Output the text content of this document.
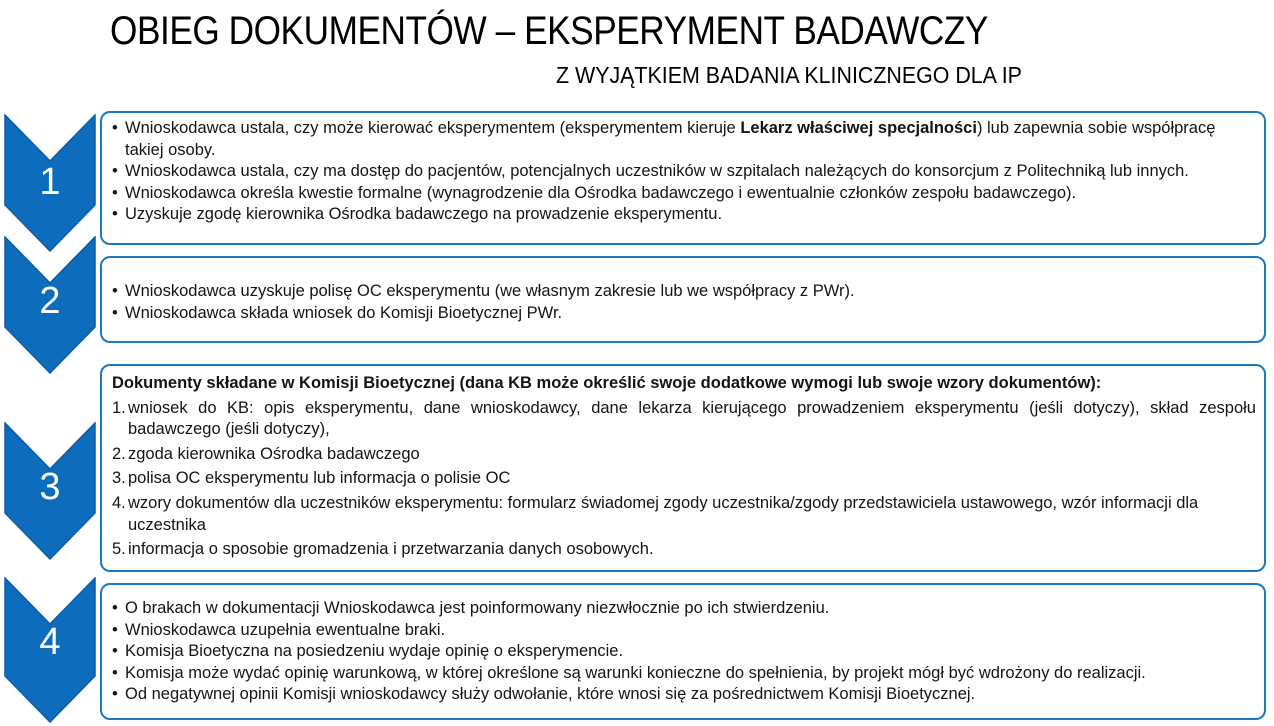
OBIEG DOKUMENTÓW – EKSPERYMENT BADAWCZY
Z WYJĄTKIEM BADANIA KLINICZNEGO DLA IP
1
2
3
4
• Wnioskodawca ustala, czy może kierować eksperymentem (eksperymentem kieruje Lekarz właściwej specjalności) lub zapewnia sobie współpracę takiej osoby.
• Wnioskodawca ustala, czy ma dostęp do pacjentów, potencjalnych uczestników w szpitalach należących do konsorcjum z Politechniką lub innych.
• Wnioskodawca określa kwestie formalne (wynagrodzenie dla Ośrodka badawczego i ewentualnie członków zespołu badawczego).
• Uzyskuje zgodę kierownika Ośrodka badawczego na prowadzenie eksperymentu.
• Wnioskodawca uzyskuje polisę OC eksperymentu (we własnym zakresie lub we współpracy z PWr).
• Wnioskodawca składa wniosek do Komisji Bioetycznej PWr.
Dokumenty składane w Komisji Bioetycznej (dana KB może określić swoje dodatkowe wymogi lub swoje wzory dokumentów):
1. wniosek do KB: opis eksperymentu, dane wnioskodawcy, dane lekarza kierującego prowadzeniem eksperymentu (jeśli dotyczy), skład zespołu badawczego (jeśli dotyczy),
2. zgoda kierownika Ośrodka badawczego
3. polisa OC eksperymentu lub informacja o polisie OC
4. wzory dokumentów dla uczestników eksperymentu: formularz świadomej zgody uczestnika/zgody przedstawiciela ustawowego, wzór informacji dla uczestnika
5. informacja o sposobie gromadzenia i przetwarzania danych osobowych.
• O brakach w dokumentacji Wnioskodawca jest poinformowany niezwłocznie po ich stwierdzeniu.
• Wnioskodawca uzupełnia ewentualne braki.
• Komisja Bioetyczna na posiedzeniu wydaje opinię o eksperymencie.
• Komisja może wydać opinię warunkową, w której określone są warunki konieczne do spełnienia, by projekt mógł być wdrożony do realizacji.
• Od negatywnej opinii Komisji wnioskodawcy służy odwołanie, które wnosi się za pośrednictwem Komisji Bioetycznej.
